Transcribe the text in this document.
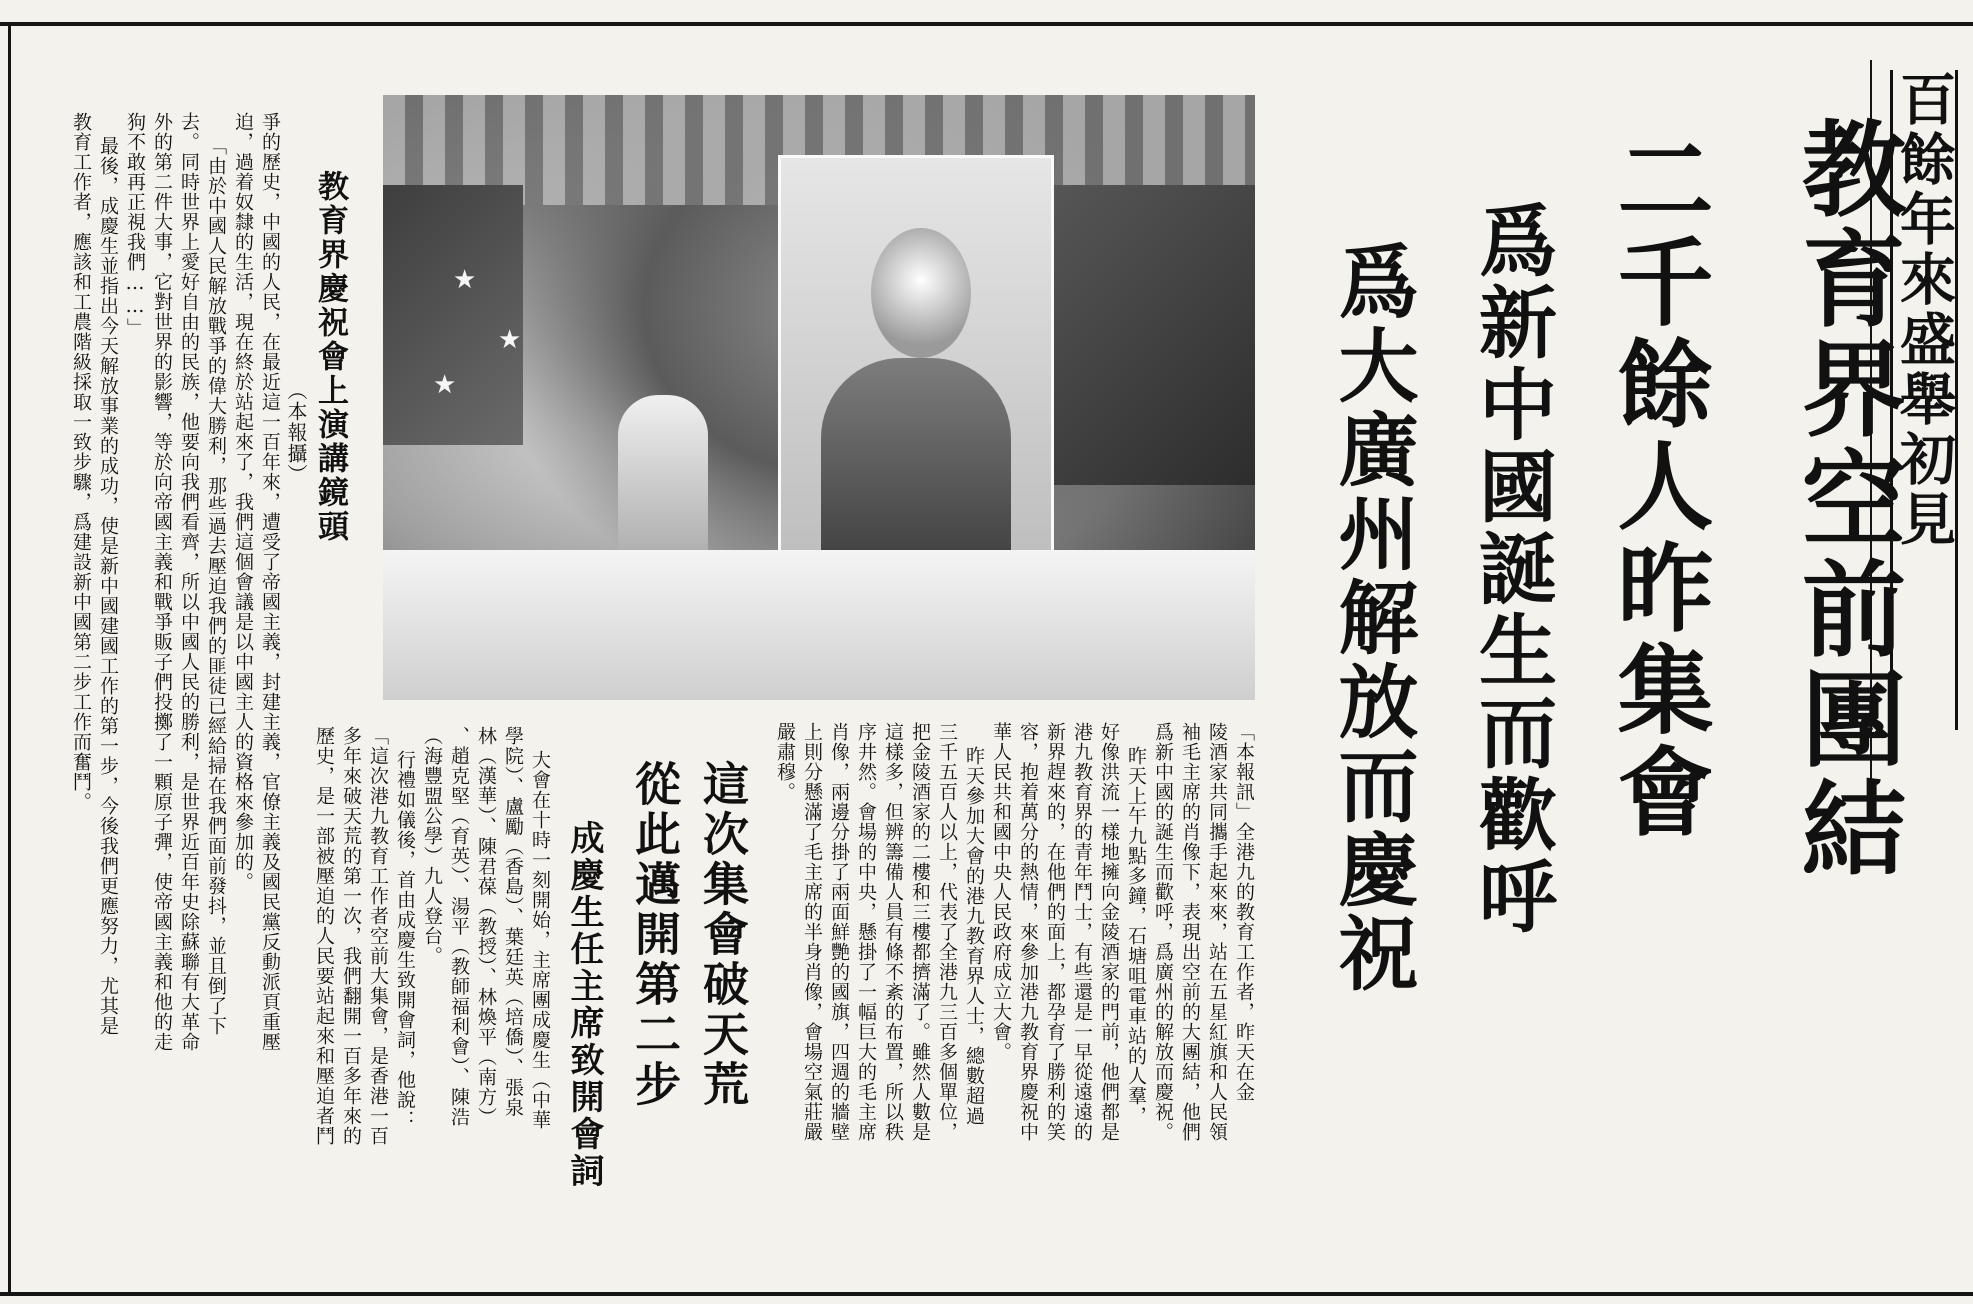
百餘年來盛舉初見
教育界空前團結
二千餘人昨集會
爲新中國誕生而歡呼
爲大廣州解放而慶祝
★
★
★
教育界慶祝會上演講鏡頭
（本報攝）
「本報訊」全港九的教育工作者，昨天在金
陵酒家共同攜手起來來，站在五星紅旗和人民領
袖毛主席的肖像下，表現出空前的大團結，他們
爲新中國的誕生而歡呼，爲廣州的解放而慶祝。
昨天上午九點多鐘，石塘咀電車站的人羣，
好像洪流一樣地擁向金陵酒家的門前，他們都是
港九教育界的青年鬥士，有些還是一早從遠遠的
新界趕來的，在他們的面上，都孕育了勝利的笑
容，抱着萬分的熱情，來參加港九教育界慶祝中
華人民共和國中央人民政府成立大會。
昨天參加大會的港九教育界人士，總數超過
三千五百人以上，代表了全港九三百多個單位，
把金陵酒家的二樓和三樓都擠滿了。雖然人數是
這樣多，但辨籌備人員有條不紊的布置，所以秩
序井然。會場的中央，懸掛了一幅巨大的毛主席
肖像，兩邊分掛了兩面鮮艷的國旗，四週的牆壁
上則分懸滿了毛主席的半身肖像，會場空氣莊嚴
嚴肅穆。
這次集會破天荒
從此邁開第二步
成慶生任主席致開會詞
大會在十時一刻開始，主席團成慶生（中華
學院）、盧勵（香島）、葉廷英（培僑）、張泉
林（漢華）、陳君葆（教授）、林煥平（南方）
、趙克堅（育英）、湯平（教師福利會）、陳浩
（海豐盟公學）九人登台。
行禮如儀後，首由成慶生致開會詞，他說：
「這次港九教育工作者空前大集會，是香港一百
多年來破天荒的第一次，我們翻開一百多年來的
歷史，是一部被壓迫的人民要站起來和壓迫者鬥
爭的歷史，中國的人民，在最近這一百年來，遭受了帝國主義，封建主義，官僚主義及國民黨反動派頁重壓
迫，過着奴隸的生活，現在終於站起來了，我們這個會議是以中國主人的資格來參加的。
「由於中國人民解放戰爭的偉大勝利，那些過去壓迫我們的匪徒已經給掃在我們面前發抖，並且倒了下
去。同時世界上愛好自由的民族，他要向我們看齊，所以中國人民的勝利，是世界近百年史除蘇聯有大革命
外的第二件大事，它對世界的影響，等於向帝國主義和戰爭販子們投擲了一顆原子彈，使帝國主義和他的走
狗不敢再正視我們……」
最後，成慶生並指出今天解放事業的成功，使是新中國建國工作的第一步，今後我們更應努力，尤其是
教育工作者，應該和工農階級採取一致步驟，爲建設新中國第二步工作而奮鬥。
